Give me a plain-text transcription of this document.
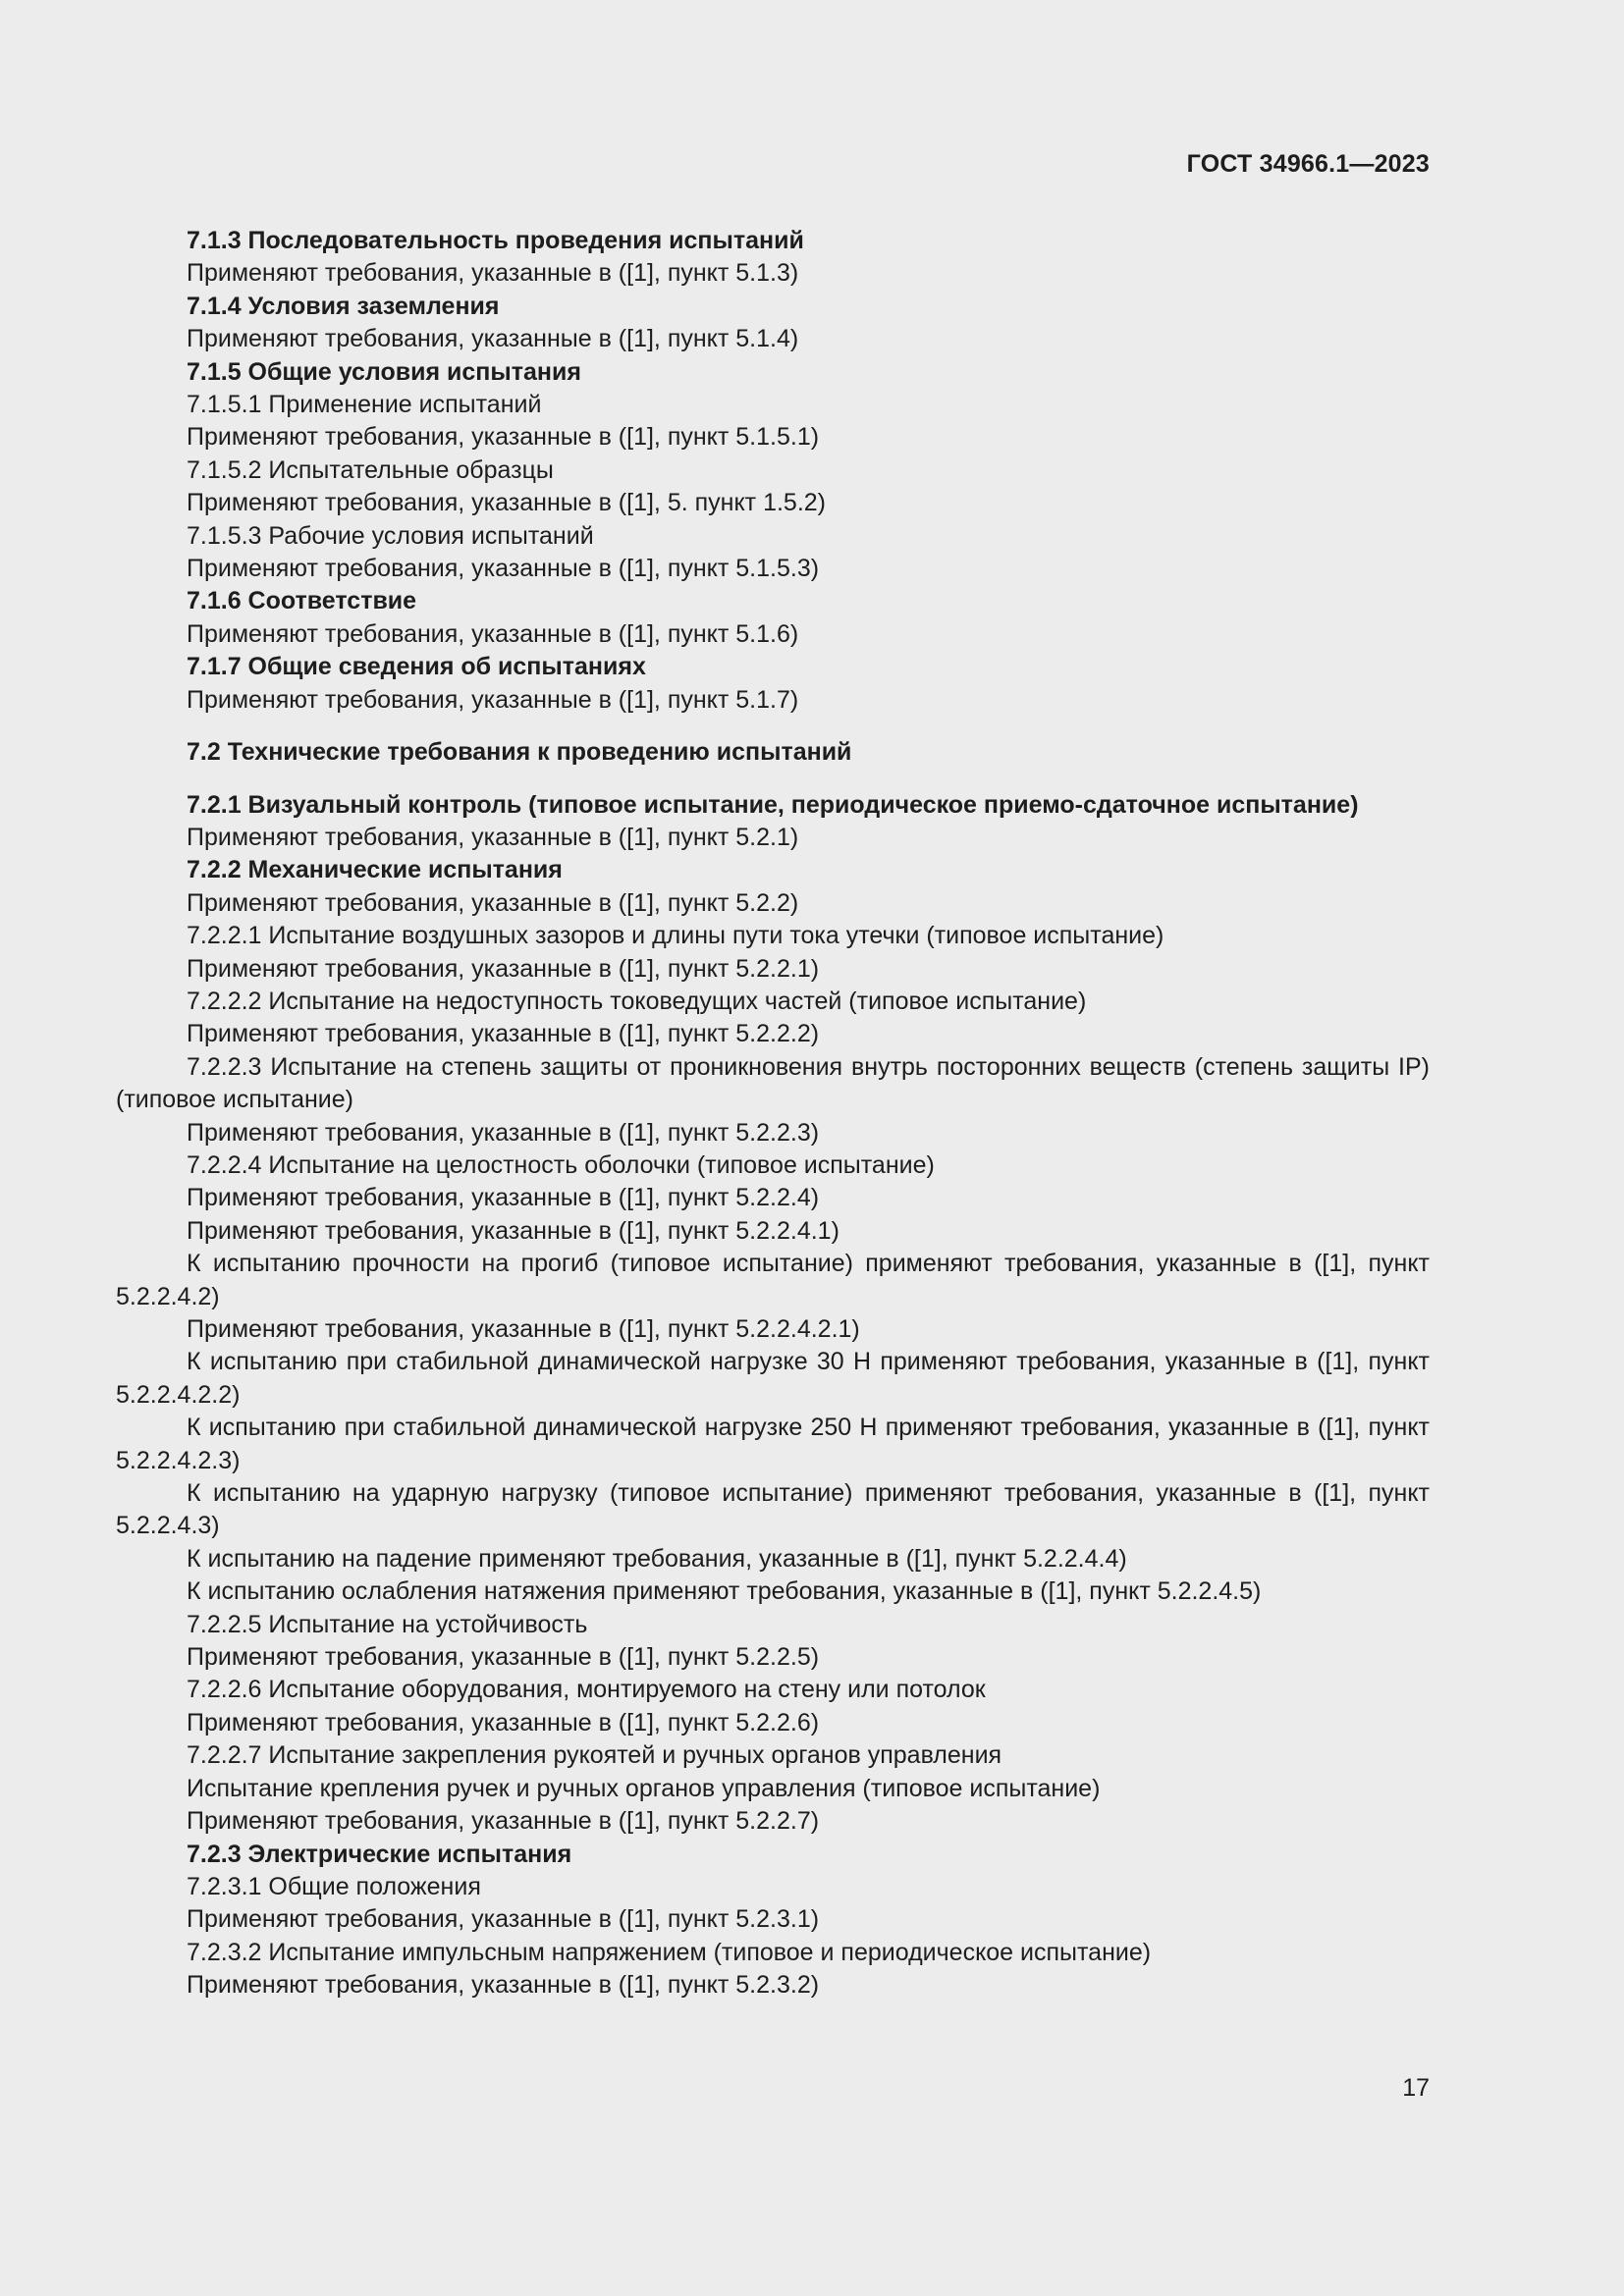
ГОСТ 34966.1—2023

7.1.3 Последовательность проведения испытаний

Применяют требования, указанные в ([1], пункт 5.1.3)

7.1.4 Условия заземления

Применяют требования, указанные в ([1], пункт 5.1.4)

7.1.5 Общие условия испытания

7.1.5.1 Применение испытаний

Применяют требования, указанные в ([1], пункт 5.1.5.1)

7.1.5.2 Испытательные образцы

Применяют требования, указанные в ([1], 5. пункт 1.5.2)

7.1.5.3 Рабочие условия испытаний

Применяют требования, указанные в ([1], пункт 5.1.5.3)

7.1.6 Соответствие

Применяют требования, указанные в ([1], пункт 5.1.6)

7.1.7 Общие сведения об испытаниях

Применяют требования, указанные в ([1], пункт 5.1.7)

7.2 Технические требования к проведению испытаний

7.2.1 Визуальный контроль (типовое испытание, периодическое приемо-сдаточное испытание)

Применяют требования, указанные в ([1], пункт 5.2.1)

7.2.2 Механические испытания

Применяют требования, указанные в ([1], пункт 5.2.2)

7.2.2.1 Испытание воздушных зазоров и длины пути тока утечки (типовое испытание)

Применяют требования, указанные в ([1], пункт 5.2.2.1)

7.2.2.2 Испытание на недоступность токоведущих частей (типовое испытание)

Применяют требования, указанные в ([1], пункт 5.2.2.2)

7.2.2.3 Испытание на степень защиты от проникновения внутрь посторонних веществ (степень защиты IP) (типовое испытание)

Применяют требования, указанные в ([1], пункт 5.2.2.3)

7.2.2.4 Испытание на целостность оболочки (типовое испытание)

Применяют требования, указанные в ([1], пункт 5.2.2.4)

Применяют требования, указанные в ([1], пункт 5.2.2.4.1)

К испытанию прочности на прогиб (типовое испытание) применяют требования, указанные в ([1], пункт 5.2.2.4.2)

Применяют требования, указанные в ([1], пункт 5.2.2.4.2.1)

К испытанию при стабильной динамической нагрузке 30 Н применяют требования, указанные в ([1], пункт 5.2.2.4.2.2)

К испытанию при стабильной динамической нагрузке 250 Н применяют требования, указанные в ([1], пункт 5.2.2.4.2.3)

К испытанию на ударную нагрузку (типовое испытание) применяют требования, указанные в ([1], пункт 5.2.2.4.3)

К испытанию на падение применяют требования, указанные в ([1], пункт 5.2.2.4.4)

К испытанию ослабления натяжения применяют требования, указанные в ([1], пункт 5.2.2.4.5)

7.2.2.5 Испытание на устойчивость

Применяют требования, указанные в ([1], пункт 5.2.2.5)

7.2.2.6 Испытание оборудования, монтируемого на стену или потолок

Применяют требования, указанные в ([1], пункт 5.2.2.6)

7.2.2.7 Испытание закрепления рукоятей и ручных органов управления

Испытание крепления ручек и ручных органов управления (типовое испытание)

Применяют требования, указанные в ([1], пункт 5.2.2.7)

7.2.3 Электрические испытания

7.2.3.1 Общие положения

Применяют требования, указанные в ([1], пункт 5.2.3.1)

7.2.3.2 Испытание импульсным напряжением (типовое и периодическое испытание)

Применяют требования, указанные в ([1], пункт 5.2.3.2)

17
